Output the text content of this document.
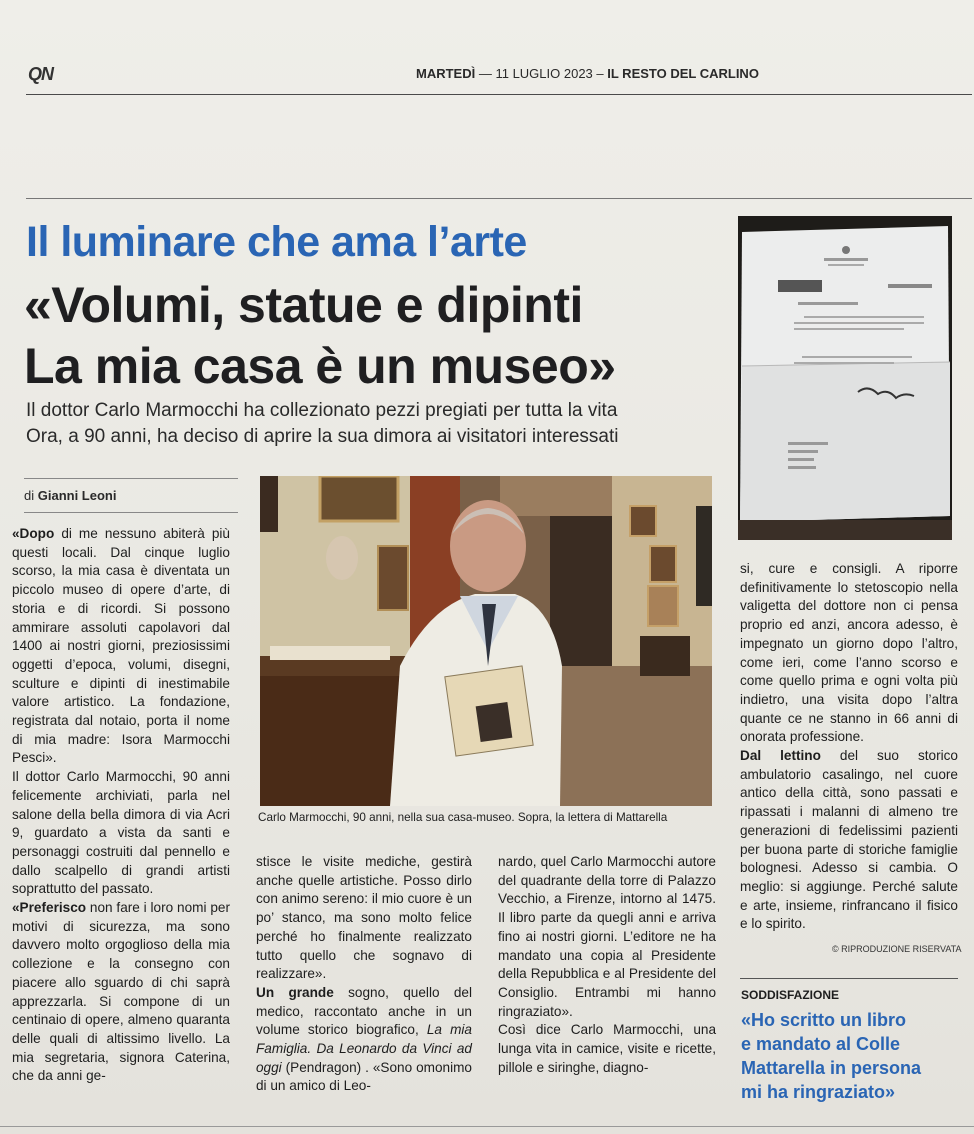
QN	MARTEDÌ — 11 LUGLIO 2023 – IL RESTO DEL CARLINO
Il luminare che ama l’arte
«Volumi, statue e dipinti
La mia casa è un museo»
Il dottor Carlo Marmocchi ha collezionato pezzi pregiati per tutta la vita
Ora, a 90 anni, ha deciso di aprire la sua dimora ai visitatori interessati
di Gianni Leoni

«Dopo di me nessuno abiterà più questi locali. Dal cinque luglio scorso, la mia casa è diventata un piccolo museo di opere d’arte, di storia e di ricordi. Si possono ammirare assoluti capolavori dal 1400 ai nostri giorni, preziosissimi oggetti d’epoca, volumi, disegni, sculture e dipinti di inestimabile valore artistico. La fondazione, registrata dal notaio, porta il nome di mia madre: Isora Marmocchi Pesci».

Il dottor Carlo Marmocchi, 90 anni felicemente archiviati, parla nel salone della bella dimora di via Acri 9, guardato a vista da santi e personaggi costruiti dal pennello e dallo scalpello di grandi artisti soprattutto del passato.

«Preferisco non fare i loro nomi per motivi di sicurezza, ma sono davvero molto orgoglioso della mia collezione e la consegno con piacere allo sguardo di chi saprà apprezzarla. Si compone di un centinaio di opere, almeno quaranta delle quali di altissimo livello. La mia segretaria, signora Caterina, che da anni ge-

Carlo Marmocchi, 90 anni, nella sua casa-museo. Sopra, la lettera di Mattarella

stisce le visite mediche, gestirà anche quelle artistiche. Posso dirlo con animo sereno: il mio cuore è un po’ stanco, ma sono molto felice perché ho finalmente realizzato tutto quello che sognavo di realizzare».

Un grande sogno, quello del medico, raccontato anche in un volume storico biografico, La mia Famiglia. Da Leonardo da Vinci ad oggi (Pendragon) . «Sono omonimo di un amico di Leo-

nardo, quel Carlo Marmocchi autore del quadrante della torre di Palazzo Vecchio, a Firenze, intorno al 1475. Il libro parte da quegli anni e arriva fino ai nostri giorni. L’editore ne ha mandato una copia al Presidente della Repubblica e al Presidente del Consiglio. Entrambi mi hanno ringraziato».

Così dice Carlo Marmocchi, una lunga vita in camice, visite e ricette, pillole e siringhe, diagno-

si, cure e consigli. A riporre definitivamente lo stetoscopio nella valigetta del dottore non ci pensa proprio ed anzi, ancora adesso, è impegnato un giorno dopo l’altro, come ieri, come l’anno scorso e come quello prima e ogni volta più indietro, una visita dopo l’altra quante ce ne stanno in 66 anni di onorata professione.

Dal lettino del suo storico ambulatorio casalingo, nel cuore antico della città, sono passati e ripassati i malanni di almeno tre generazioni di fedelissimi pazienti per buona parte di storiche famiglie bolognesi. Adesso si cambia. O meglio: si aggiunge. Perché salute e arte, insieme, rinfrancano il fisico e lo spirito.

© RIPRODUZIONE RISERVATA
SODDISFAZIONE
«Ho scritto un libro
e mandato al Colle
Mattarella in persona
mi ha ringraziato»
